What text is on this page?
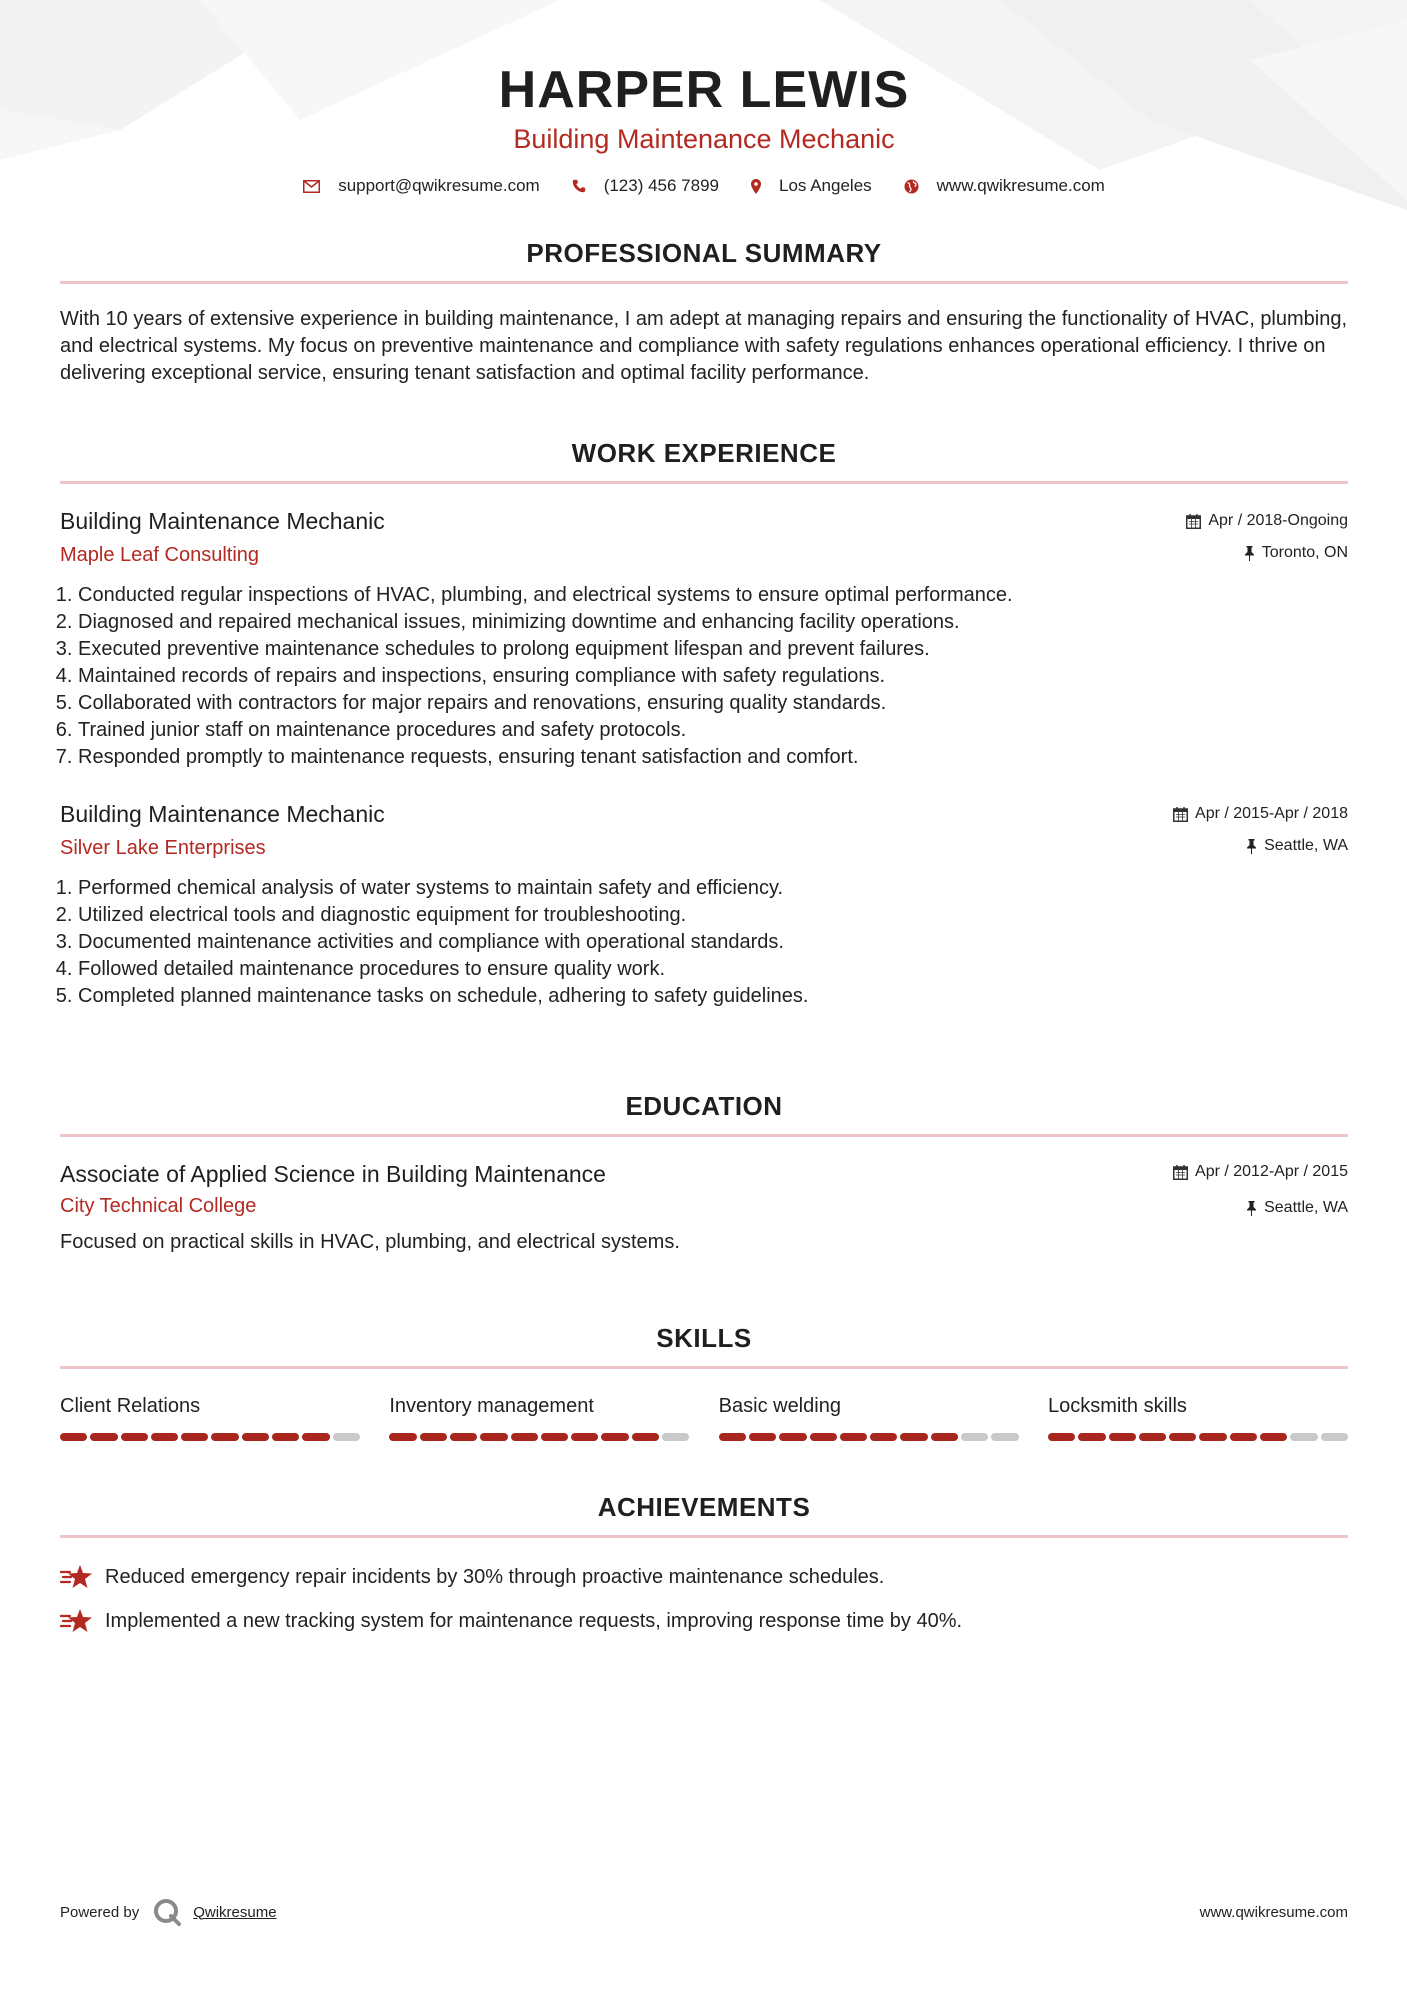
HARPER LEWIS
Building Maintenance Mechanic
support@qwikresume.com	(123) 456 7899	Los Angeles	www.qwikresume.com
PROFESSIONAL SUMMARY
With 10 years of extensive experience in building maintenance, I am adept at managing repairs and ensuring the functionality of HVAC, plumbing, and electrical systems. My focus on preventive maintenance and compliance with safety regulations enhances operational efficiency. I thrive on delivering exceptional service, ensuring tenant satisfaction and optimal facility performance.
WORK EXPERIENCE
Building Maintenance Mechanic
Maple Leaf Consulting
Apr / 2018-Ongoing
Toronto, ON
1. Conducted regular inspections of HVAC, plumbing, and electrical systems to ensure optimal performance.
2. Diagnosed and repaired mechanical issues, minimizing downtime and enhancing facility operations.
3. Executed preventive maintenance schedules to prolong equipment lifespan and prevent failures.
4. Maintained records of repairs and inspections, ensuring compliance with safety regulations.
5. Collaborated with contractors for major repairs and renovations, ensuring quality standards.
6. Trained junior staff on maintenance procedures and safety protocols.
7. Responded promptly to maintenance requests, ensuring tenant satisfaction and comfort.
Building Maintenance Mechanic
Silver Lake Enterprises
Apr / 2015-Apr / 2018
Seattle, WA
1. Performed chemical analysis of water systems to maintain safety and efficiency.
2. Utilized electrical tools and diagnostic equipment for troubleshooting.
3. Documented maintenance activities and compliance with operational standards.
4. Followed detailed maintenance procedures to ensure quality work.
5. Completed planned maintenance tasks on schedule, adhering to safety guidelines.
EDUCATION
Associate of Applied Science in Building Maintenance
City Technical College
Apr / 2012-Apr / 2015
Seattle, WA
Focused on practical skills in HVAC, plumbing, and electrical systems.
SKILLS
Client Relations	Inventory management	Basic welding	Locksmith skills
ACHIEVEMENTS
Reduced emergency repair incidents by 30% through proactive maintenance schedules.
Implemented a new tracking system for maintenance requests, improving response time by 40%.
Powered by	Qwikresume	www.qwikresume.com
